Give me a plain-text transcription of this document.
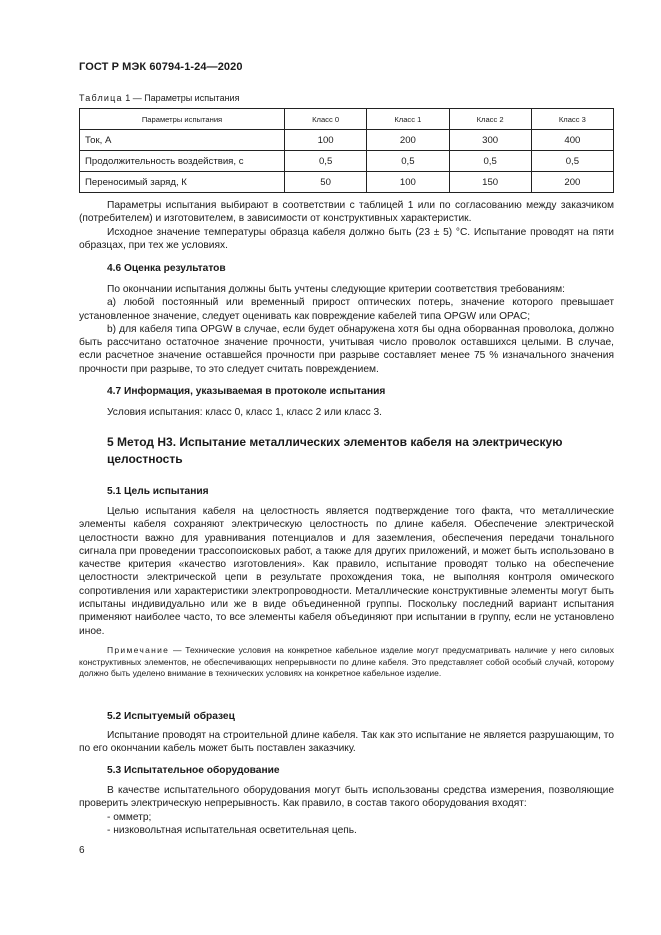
ГОСТ Р МЭК 60794-1-24—2020
Таблица 1 — Параметры испытания
Параметры испытания	Класс 0	Класс 1	Класс 2	Класс 3
Ток, А	100	200	300	400
Продолжительность воздействия, с	0,5	0,5	0,5	0,5
Переносимый заряд, К	50	100	150	200

Параметры испытания выбирают в соответствии с таблицей 1 или по согласованию между заказчиком (потребителем) и изготовителем, в зависимости от конструктивных характеристик.

Исходное значение температуры образца кабеля должно быть (23 ± 5) °С. Испытание проводят на пяти образцах, при тех же условиях.

4.6 Оценка результатов

По окончании испытания должны быть учтены следующие критерии соответствия требованиям:

a) любой постоянный или временный прирост оптических потерь, значение которого превышает установленное значение, следует оценивать как повреждение кабелей типа OPGW или OPAC;

b) для кабеля типа OPGW в случае, если будет обнаружена хотя бы одна оборванная проволока, должно быть рассчитано остаточное значение прочности, учитывая число проволок оставшихся целыми. В случае, если расчетное значение оставшейся прочности при разрыве составляет менее 75 % изначального значения прочности при разрыве, то это следует считать повреждением.

4.7 Информация, указываемая в протоколе испытания

Условия испытания: класс 0, класс 1, класс 2 или класс 3.

5 Метод Н3. Испытание металлических элементов кабеля на электрическую целостность
5.1 Цель испытания

Целью испытания кабеля на целостность является подтверждение того факта, что металлические элементы кабеля сохраняют электрическую целостность по длине кабеля. Обеспечение электрической целостности важно для уравнивания потенциалов и для заземления, обеспечения передачи тонального сигнала при проведении трассопоисковых работ, а также для других приложений, и может быть использовано в качестве критерия «качество изготовления». Как правило, испытание проводят только на обеспечение целостности электрической цепи в результате прохождения тока, не выполняя контроля омического сопротивления или характеристики электропроводности. Металлические конструктивные элементы могут быть испытаны индивидуально или же в виде объединенной группы. Поскольку последний вариант испытания применяют наиболее часто, то все элементы кабеля объединяют при испытании в группу, если не установлено иное.

Примечание — Технические условия на конкретное кабельное изделие могут предусматривать наличие у него силовых конструктивных элементов, не обеспечивающих непрерывности по длине кабеля. Это представляет собой особый случай, которому должно быть уделено внимание в технических условиях на конкретное кабельное изделие.

5.2 Испытуемый образец

Испытание проводят на строительной длине кабеля. Так как это испытание не является разрушающим, то по его окончании кабель может быть поставлен заказчику.

5.3 Испытательное оборудование

В качестве испытательного оборудования могут быть использованы средства измерения, позволяющие проверить электрическую непрерывность. Как правило, в состав такого оборудования входят:

- омметр;
- низковольтная испытательная осветительная цепь.
6
